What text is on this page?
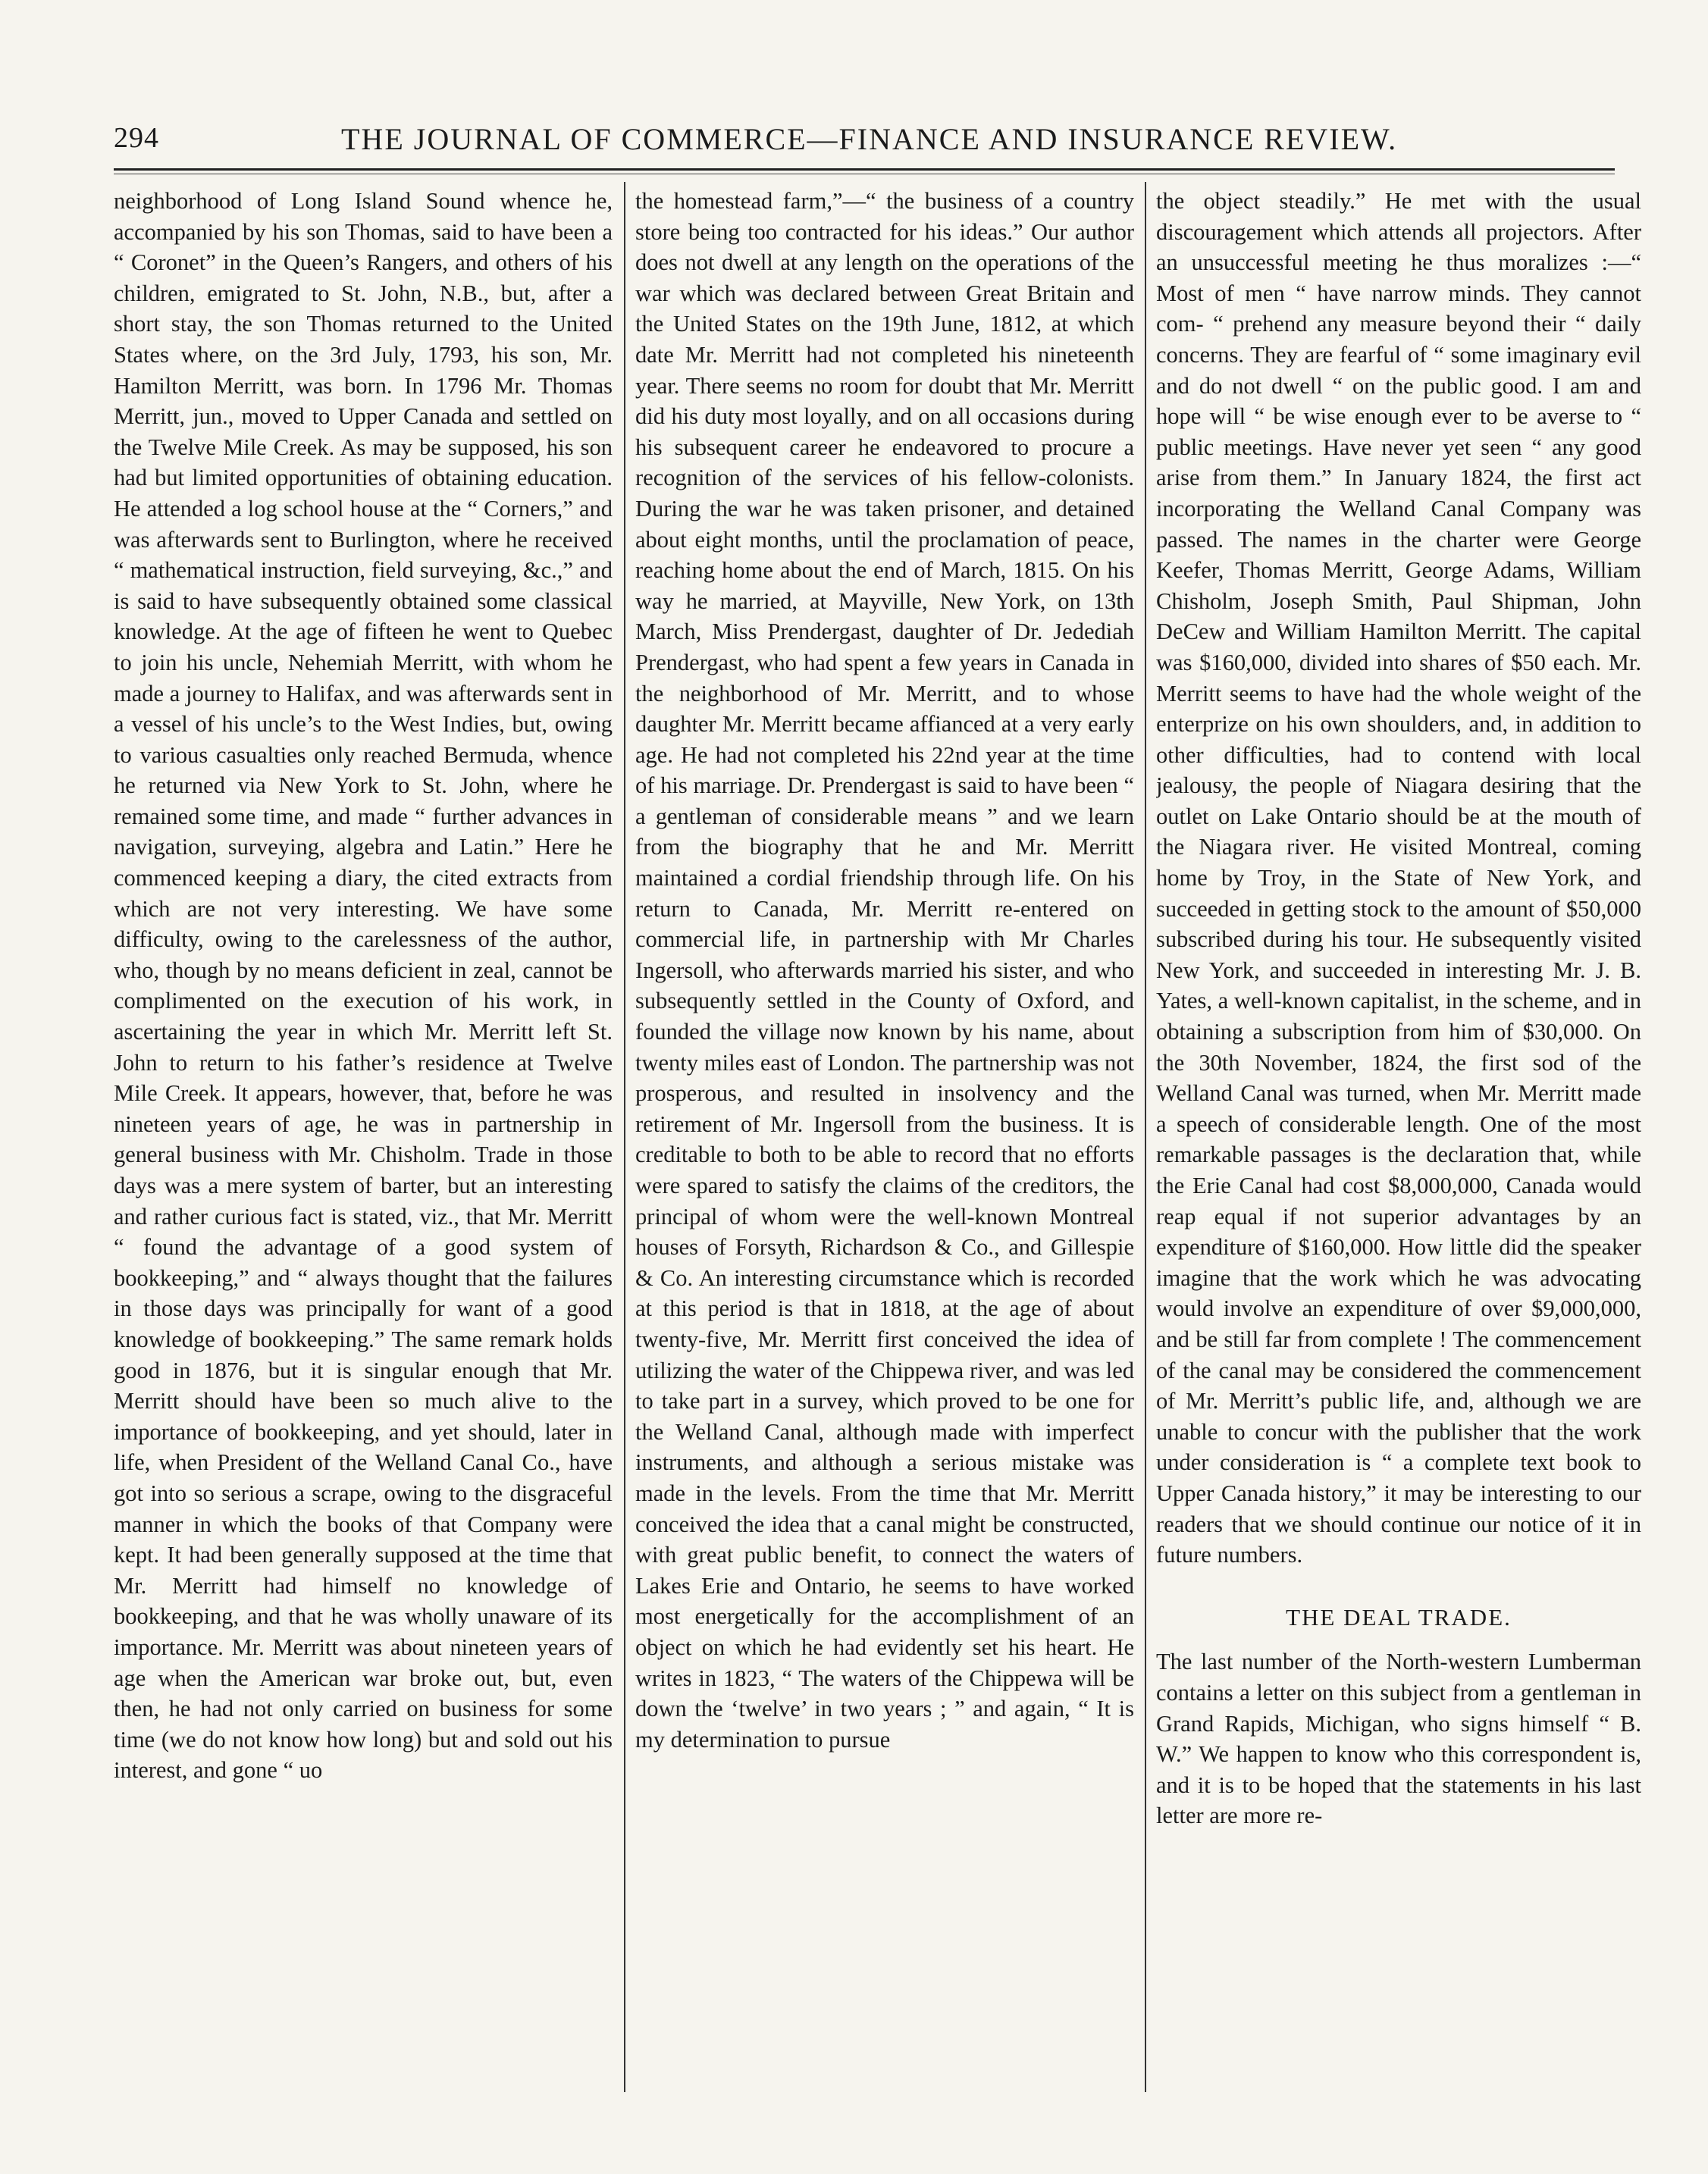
294	THE JOURNAL OF COMMERCE—FINANCE AND INSURANCE REVIEW.

neighborhood of Long Island Sound whence he, accompanied by his son Thomas, said to have been a “ Coronet” in the Queen’s Rangers, and others of his children, emigrated to St. John, N.B., but, after a short stay, the son Thomas returned to the United States where, on the 3rd July, 1793, his son, Mr. Hamilton Merritt, was born. In 1796 Mr. Thomas Merritt, jun., moved to Upper Canada and settled on the Twelve Mile Creek. As may be supposed, his son had but limited opportunities of obtaining education. He attended a log school house at the “ Corners,” and was afterwards sent to Burlington, where he received “ mathematical instruction, field surveying, &c.,” and is said to have subsequently obtained some classical knowledge. At the age of fifteen he went to Quebec to join his uncle, Nehemiah Merritt, with whom he made a journey to Halifax, and was afterwards sent in a vessel of his uncle’s to the West Indies, but, owing to various casualties only reached Bermuda, whence he returned via New York to St. John, where he remained some time, and made “ further advances in navigation, surveying, algebra and Latin.” Here he commenced keeping a diary, the cited extracts from which are not very interesting. We have some difficulty, owing to the carelessness of the author, who, though by no means deficient in zeal, cannot be complimented on the execution of his work, in ascertaining the year in which Mr. Merritt left St. John to return to his father’s residence at Twelve Mile Creek. It appears, however, that, before he was nineteen years of age, he was in partnership in general business with Mr. Chisholm. Trade in those days was a mere system of barter, but an interesting and rather curious fact is stated, viz., that Mr. Merritt “ found the advantage of a good system of bookkeeping,” and “ always thought that the failures in those days was principally for want of a good knowledge of bookkeeping.” The same remark holds good in 1876, but it is singular enough that Mr. Merritt should have been so much alive to the importance of bookkeeping, and yet should, later in life, when President of the Welland Canal Co., have got into so serious a scrape, owing to the disgraceful manner in which the books of that Company were kept. It had been generally supposed at the time that Mr. Merritt had himself no knowledge of bookkeeping, and that he was wholly unaware of its importance. Mr. Merritt was about nineteen years of age when the American war broke out, but, even then, he had not only carried on business for some time (we do not know how long) but and sold out his interest, and gone “ uo

the homestead farm,”—“ the business of a country store being too contracted for his ideas.” Our author does not dwell at any length on the operations of the war which was declared between Great Britain and the United States on the 19th June, 1812, at which date Mr. Merritt had not completed his nineteenth year. There seems no room for doubt that Mr. Merritt did his duty most loyally, and on all occasions during his subsequent career he endeavored to procure a recognition of the services of his fellow-colonists. During the war he was taken prisoner, and detained about eight months, until the proclamation of peace, reaching home about the end of March, 1815. On his way he married, at Mayville, New York, on 13th March, Miss Prendergast, daughter of Dr. Jedediah Prendergast, who had spent a few years in Canada in the neighborhood of Mr. Merritt, and to whose daughter Mr. Merritt became affianced at a very early age. He had not completed his 22nd year at the time of his marriage. Dr. Prendergast is said to have been “ a gentleman of considerable means ” and we learn from the biography that he and Mr. Merritt maintained a cordial friendship through life. On his return to Canada, Mr. Merritt re-entered on commercial life, in partnership with Mr Charles Ingersoll, who afterwards married his sister, and who subsequently settled in the County of Oxford, and founded the village now known by his name, about twenty miles east of London. The partnership was not prosperous, and resulted in insolvency and the retirement of Mr. Ingersoll from the business. It is creditable to both to be able to record that no efforts were spared to satisfy the claims of the creditors, the principal of whom were the well-known Montreal houses of Forsyth, Richardson & Co., and Gillespie & Co. An interesting circumstance which is recorded at this period is that in 1818, at the age of about twenty-five, Mr. Merritt first conceived the idea of utilizing the water of the Chippewa river, and was led to take part in a survey, which proved to be one for the Welland Canal, although made with imperfect instruments, and although a serious mistake was made in the levels. From the time that Mr. Merritt conceived the idea that a canal might be constructed, with great public benefit, to connect the waters of Lakes Erie and Ontario, he seems to have worked most energetically for the accomplishment of an object on which he had evidently set his heart. He writes in 1823, “ The waters of the Chippewa will be down the ‘twelve’ in two years ; ” and again, “ It is my determination to pursue

the object steadily.” He met with the usual discouragement which attends all projectors. After an unsuccessful meeting he thus moralizes :—“ Most of men “ have narrow minds. They cannot com- “ prehend any measure beyond their “ daily concerns. They are fearful of “ some imaginary evil and do not dwell “ on the public good. I am and hope will “ be wise enough ever to be averse to “ public meetings. Have never yet seen “ any good arise from them.” In January 1824, the first act incorporating the Welland Canal Company was passed. The names in the charter were George Keefer, Thomas Merritt, George Adams, William Chisholm, Joseph Smith, Paul Shipman, John DeCew and William Hamilton Merritt. The capital was $160,000, divided into shares of $50 each. Mr. Merritt seems to have had the whole weight of the enterprize on his own shoulders, and, in addition to other difficulties, had to contend with local jealousy, the people of Niagara desiring that the outlet on Lake Ontario should be at the mouth of the Niagara river. He visited Montreal, coming home by Troy, in the State of New York, and succeeded in getting stock to the amount of $50,000 subscribed during his tour. He subsequently visited New York, and succeeded in interesting Mr. J. B. Yates, a well-known capitalist, in the scheme, and in obtaining a subscription from him of $30,000. On the 30th November, 1824, the first sod of the Welland Canal was turned, when Mr. Merritt made a speech of considerable length. One of the most remarkable passages is the declaration that, while the Erie Canal had cost $8,000,000, Canada would reap equal if not superior advantages by an expenditure of $160,000. How little did the speaker imagine that the work which he was advocating would involve an expenditure of over $9,000,000, and be still far from complete ! The commencement of the canal may be considered the commencement of Mr. Merritt’s public life, and, although we are unable to concur with the publisher that the work under consideration is “ a complete text book to Upper Canada history,” it may be interesting to our readers that we should continue our notice of it in future numbers.

THE DEAL TRADE.

The last number of the North-western Lumberman contains a letter on this subject from a gentleman in Grand Rapids, Michigan, who signs himself “ B. W.” We happen to know who this correspondent is, and it is to be hoped that the statements in his last letter are more re-
